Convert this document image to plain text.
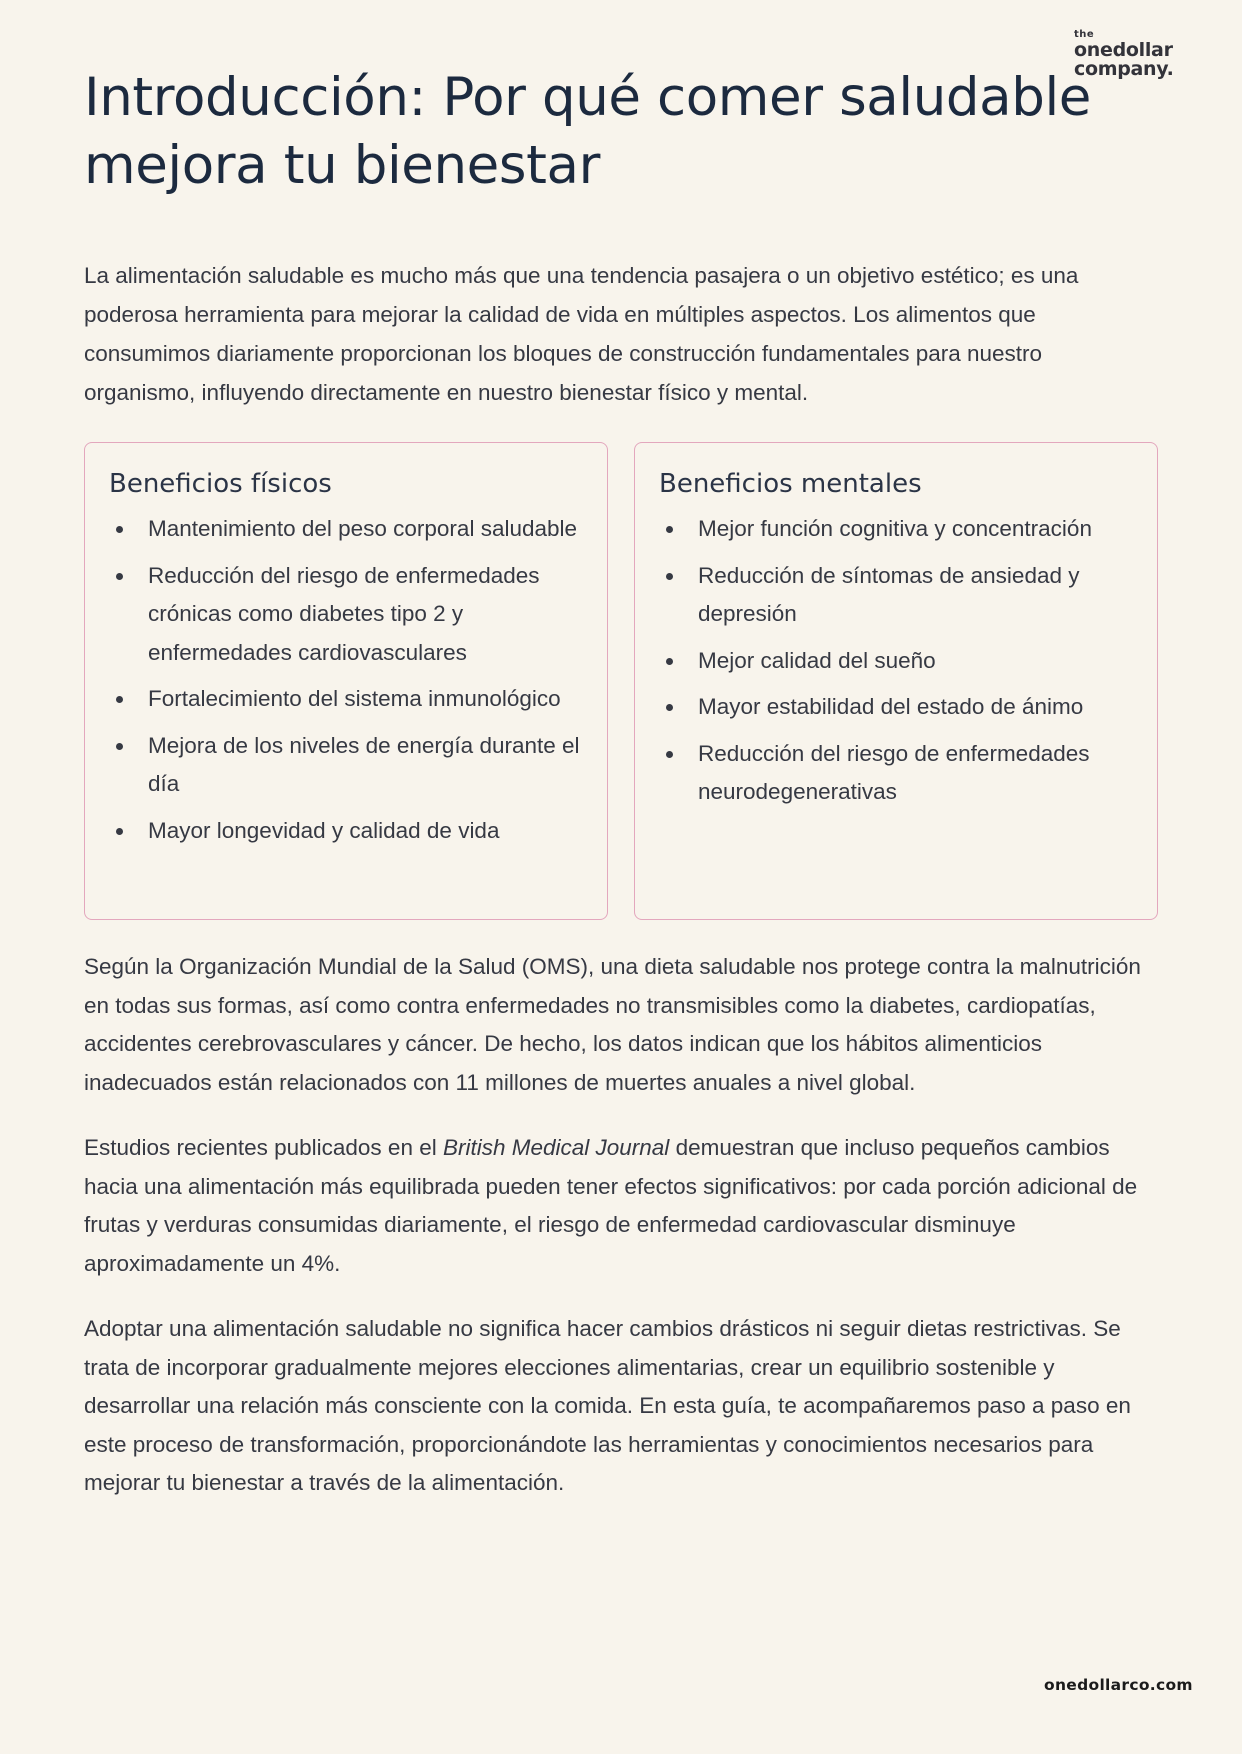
the
onedollar
company.
Introducción: Por qué comer saludable mejora tu bienestar

La alimentación saludable es mucho más que una tendencia pasajera o un objetivo estético; es una poderosa herramienta para mejorar la calidad de vida en múltiples aspectos. Los alimentos que consumimos diariamente proporcionan los bloques de construcción fundamentales para nuestro organismo, influyendo directamente en nuestro bienestar físico y mental.

Beneficios físicos
Mantenimiento del peso corporal saludable
Reducción del riesgo de enfermedades crónicas como diabetes tipo 2 y enfermedades cardiovasculares
Fortalecimiento del sistema inmunológico
Mejora de los niveles de energía durante el día
Mayor longevidad y calidad de vida
Beneficios mentales
Mejor función cognitiva y concentración
Reducción de síntomas de ansiedad y depresión
Mejor calidad del sueño
Mayor estabilidad del estado de ánimo
Reducción del riesgo de enfermedades neurodegenerativas

Según la Organización Mundial de la Salud (OMS), una dieta saludable nos protege contra la malnutrición en todas sus formas, así como contra enfermedades no transmisibles como la diabetes, cardiopatías, accidentes cerebrovasculares y cáncer. De hecho, los datos indican que los hábitos alimenticios inadecuados están relacionados con 11 millones de muertes anuales a nivel global.

Estudios recientes publicados en el British Medical Journal demuestran que incluso pequeños cambios hacia una alimentación más equilibrada pueden tener efectos significativos: por cada porción adicional de frutas y verduras consumidas diariamente, el riesgo de enfermedad cardiovascular disminuye aproximadamente un 4%.

Adoptar una alimentación saludable no significa hacer cambios drásticos ni seguir dietas restrictivas. Se trata de incorporar gradualmente mejores elecciones alimentarias, crear un equilibrio sostenible y desarrollar una relación más consciente con la comida. En esta guía, te acompañaremos paso a paso en este proceso de transformación, proporcionándote las herramientas y conocimientos necesarios para mejorar tu bienestar a través de la alimentación.

onedollarco.com
